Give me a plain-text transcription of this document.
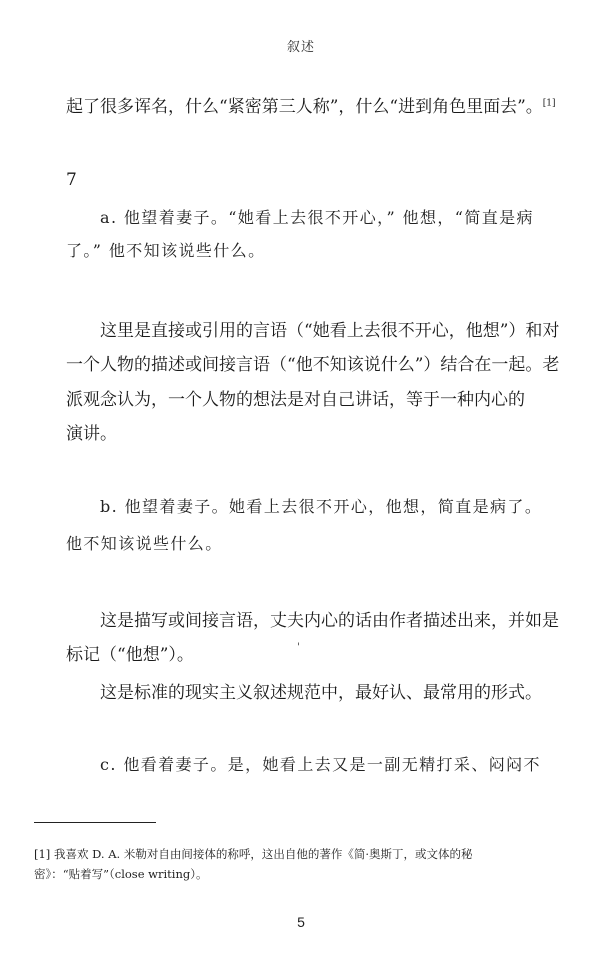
叙述
起了很多诨名，什么“紧密第三人称”，什么“进到角色里面去”。[1]
7
a. 他望着妻子。“她看上去很不开心，” 他想，“简直是病
了。” 他不知该说些什么。
这里是直接或引用的言语（“她看上去很不开心，他想”）和对
一个人物的描述或间接言语（“他不知该说什么”）结合在一起。老
派观念认为，一个人物的想法是对自己讲话，等于一种内心的
演讲。
b. 他望着妻子。她看上去很不开心，他想，简直是病了。
他不知该说些什么。
这是描写或间接言语，丈夫内心的话由作者描述出来，并如是
标记（“他想”）。
这是标准的现实主义叙述规范中，最好认、最常用的形式。
c. 他看着妻子。是，她看上去又是一副无精打采、闷闷不
'
[1] 我喜欢 D. A. 米勒对自由间接体的称呼，这出自他的著作《简·奥斯丁，或文体的秘
密》：“贴着写”（close writing）。
5
